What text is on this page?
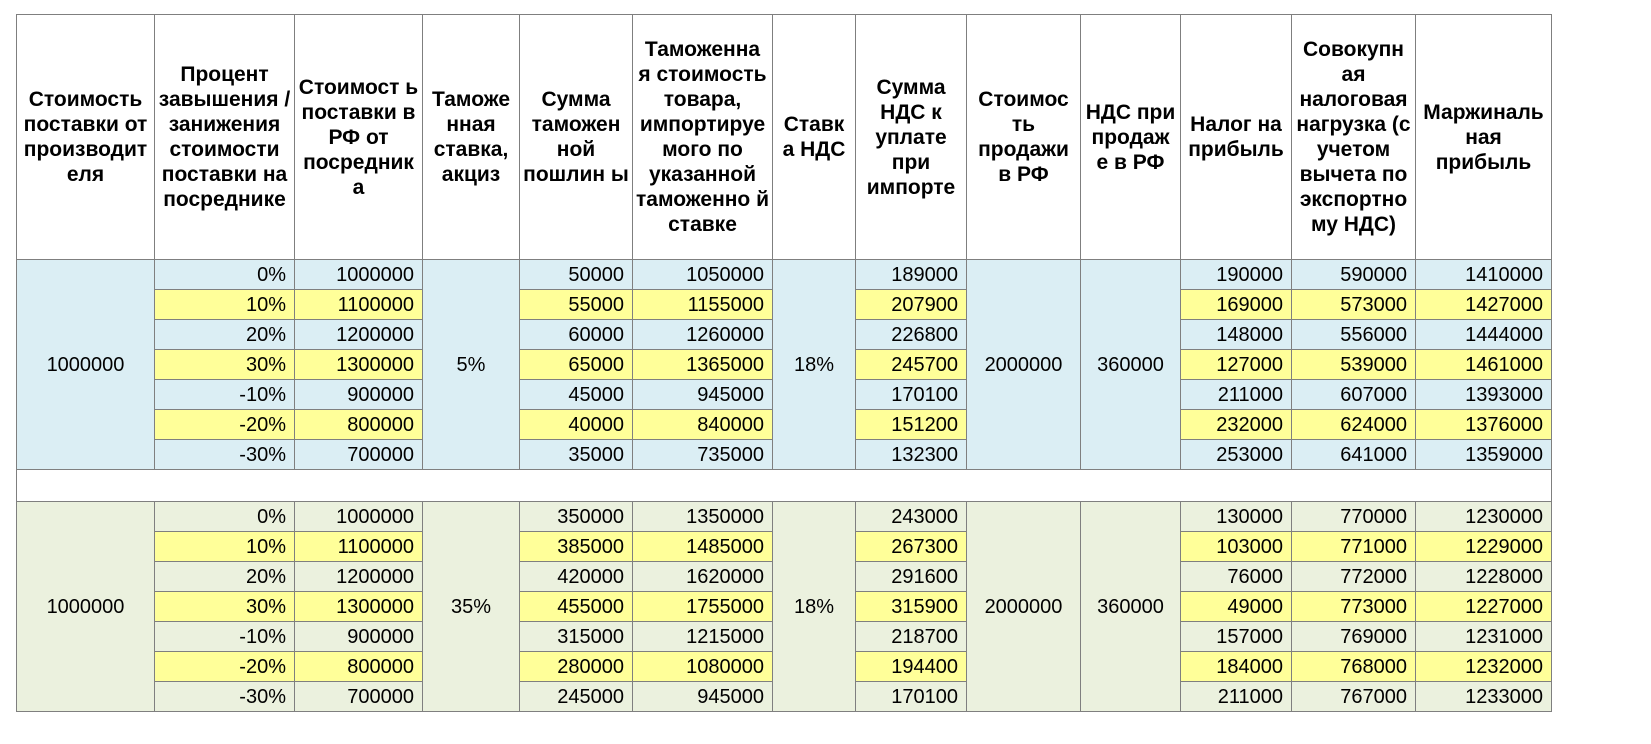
Стоимость поставки от производит еля	Процент завышения /занижения стоимости поставки на посреднике	Стоимост ь поставки в РФ от посредник а	Таможе нная ставка, акциз	Сумма таможен ной пошлин ы	Таможенна я стоимость товара, импортируе мого по указанной таможенно й ставке	Ставк а НДС	Сумма НДС к уплате при импорте	Стоимос ть продажи в РФ	НДС при продаж е в РФ	Налог на прибыль	Совокупн ая налоговая нагрузка (с учетом вычета по экспортно му НДС)	Маржиналь ная прибыль
1000000	0%	1000000	5%	50000	1050000	18%	189000	2000000	360000	190000	590000	1410000
	10%	1100000		55000	1155000		207900			169000	573000	1427000
	20%	1200000		60000	1260000		226800			148000	556000	1444000
	30%	1300000		65000	1365000		245700			127000	539000	1461000
	-10%	900000		45000	945000		170100			211000	607000	1393000
	-20%	800000		40000	840000		151200			232000	624000	1376000
	-30%	700000		35000	735000		132300			253000	641000	1359000

1000000	0%	1000000	35%	350000	1350000	18%	243000	2000000	360000	130000	770000	1230000
	10%	1100000		385000	1485000		267300			103000	771000	1229000
	20%	1200000		420000	1620000		291600			76000	772000	1228000
	30%	1300000		455000	1755000		315900			49000	773000	1227000
	-10%	900000		315000	1215000		218700			157000	769000	1231000
	-20%	800000		280000	1080000		194400			184000	768000	1232000
	-30%	700000		245000	945000		170100			211000	767000	1233000
